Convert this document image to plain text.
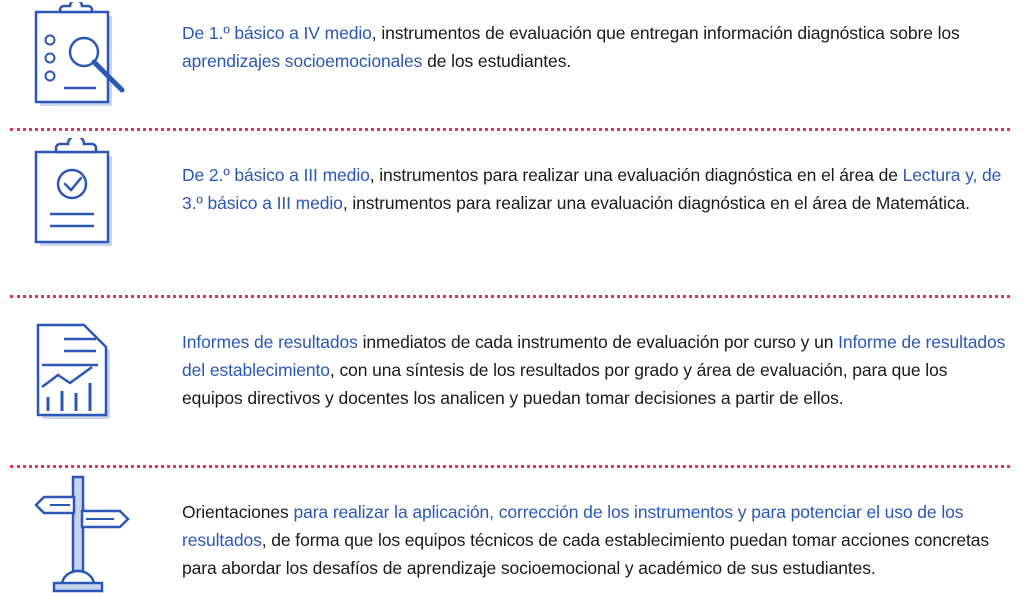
De 1.º básico a IV medio, instrumentos de evaluación que entregan información diagnóstica sobre los aprendizajes socioemocionales de los estudiantes.
De 2.º básico a III medio, instrumentos para realizar una evaluación diagnóstica en el área de Lectura y, de 3.º básico a III medio, instrumentos para realizar una evaluación diagnóstica en el área de Matemática.
Informes de resultados inmediatos de cada instrumento de evaluación por curso y un Informe de resultados del establecimiento, con una síntesis de los resultados por grado y área de evaluación, para que los equipos directivos y docentes los analicen y puedan tomar decisiones a partir de ellos.
Orientaciones para realizar la aplicación, corrección de los instrumentos y para potenciar el uso de los resultados, de forma que los equipos técnicos de cada establecimiento puedan tomar acciones concretas para abordar los desafíos de aprendizaje socioemocional y académico de sus estudiantes.
